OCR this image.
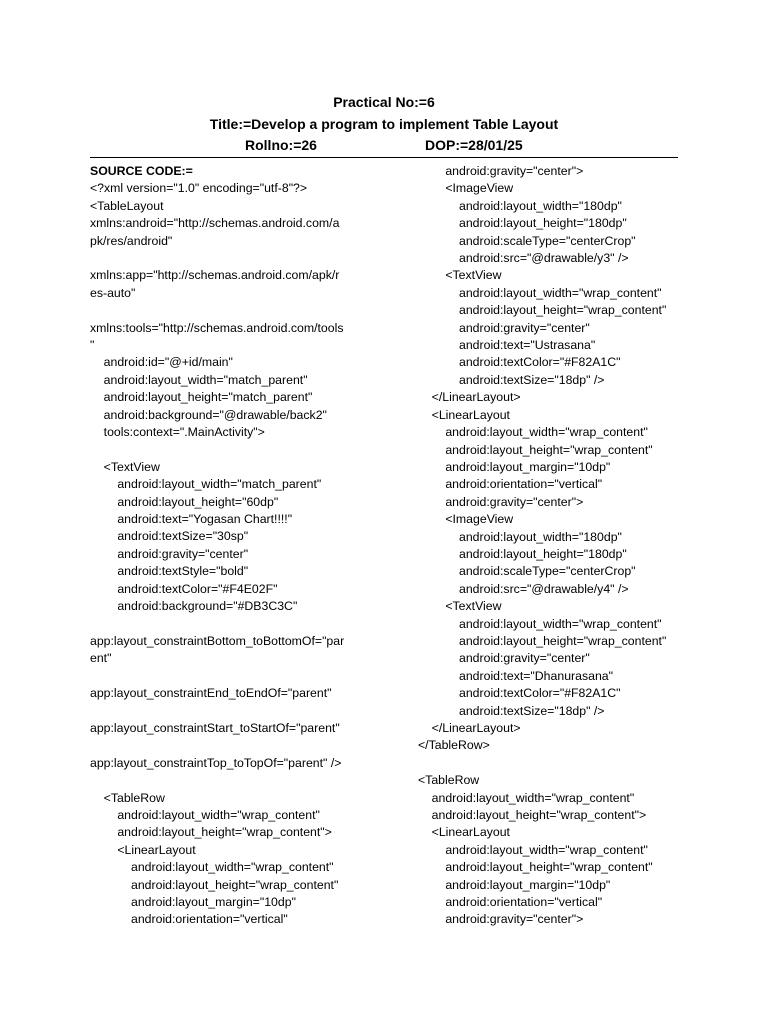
Practical No:=6
Title:=Develop a program to implement Table Layout
Rollno:=26	DOP:=28/01/25
SOURCE CODE:=
<?xml version="1.0" encoding="utf-8"?>
<TableLayout
xmlns:android="http://schemas.android.com/a
pk/res/android"
xmlns:app="http://schemas.android.com/apk/r
es-auto"
xmlns:tools="http://schemas.android.com/tools
"
android:id="@+id/main"
android:layout_width="match_parent"
android:layout_height="match_parent"
android:background="@drawable/back2"
tools:context=".MainActivity">
<TextView
android:layout_width="match_parent"
android:layout_height="60dp"
android:text="Yogasan Chart!!!!"
android:textSize="30sp"
android:gravity="center"
android:textStyle="bold"
android:textColor="#F4E02F"
android:background="#DB3C3C"
app:layout_constraintBottom_toBottomOf="par
ent"
app:layout_constraintEnd_toEndOf="parent"
app:layout_constraintStart_toStartOf="parent"
app:layout_constraintTop_toTopOf="parent" />
<TableRow
android:layout_width="wrap_content"
android:layout_height="wrap_content">
<LinearLayout
android:layout_width="wrap_content"
android:layout_height="wrap_content"
android:layout_margin="10dp"
android:orientation="vertical"
android:gravity="center">
<ImageView
android:layout_width="180dp"
android:layout_height="180dp"
android:scaleType="centerCrop"
android:src="@drawable/y3" />
<TextView
android:layout_width="wrap_content"
android:layout_height="wrap_content"
android:gravity="center"
android:text="Ustrasana"
android:textColor="#F82A1C"
android:textSize="18dp" />
</LinearLayout>
<LinearLayout
android:layout_width="wrap_content"
android:layout_height="wrap_content"
android:layout_margin="10dp"
android:orientation="vertical"
android:gravity="center">
<ImageView
android:layout_width="180dp"
android:layout_height="180dp"
android:scaleType="centerCrop"
android:src="@drawable/y4" />
<TextView
android:layout_width="wrap_content"
android:layout_height="wrap_content"
android:gravity="center"
android:text="Dhanurasana"
android:textColor="#F82A1C"
android:textSize="18dp" />
</LinearLayout>
</TableRow>
<TableRow
android:layout_width="wrap_content"
android:layout_height="wrap_content">
<LinearLayout
android:layout_width="wrap_content"
android:layout_height="wrap_content"
android:layout_margin="10dp"
android:orientation="vertical"
android:gravity="center">
